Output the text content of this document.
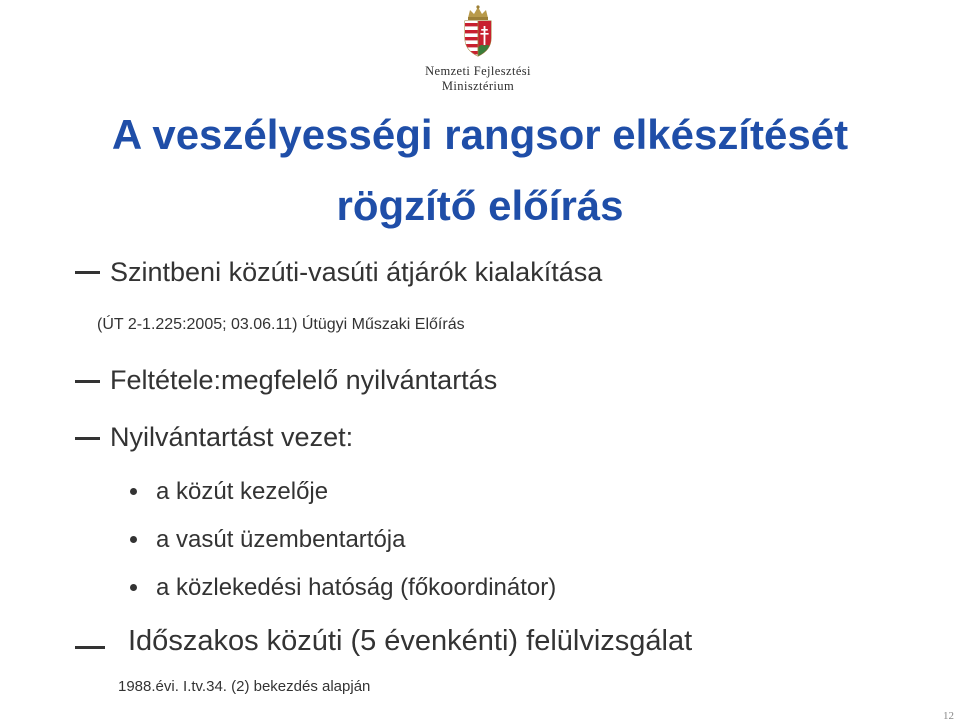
Nemzeti Fejlesztési
Minisztérium
A veszélyességi rangsor elkészítését
rögzítő előírás
Szintbeni közúti-vasúti átjárók kialakítása
(ÚT 2-1.225:2005; 03.06.11) Útügyi Műszaki Előírás
Feltétele:megfelelő nyilvántartás
Nyilvántartást vezet:
a közút kezelője
a vasút üzembentartója
a közlekedési hatóság (főkoordinátor)
Időszakos közúti (5 évenkénti) felülvizsgálat
1988.évi. I.tv.34. (2) bekezdés alapján
12
